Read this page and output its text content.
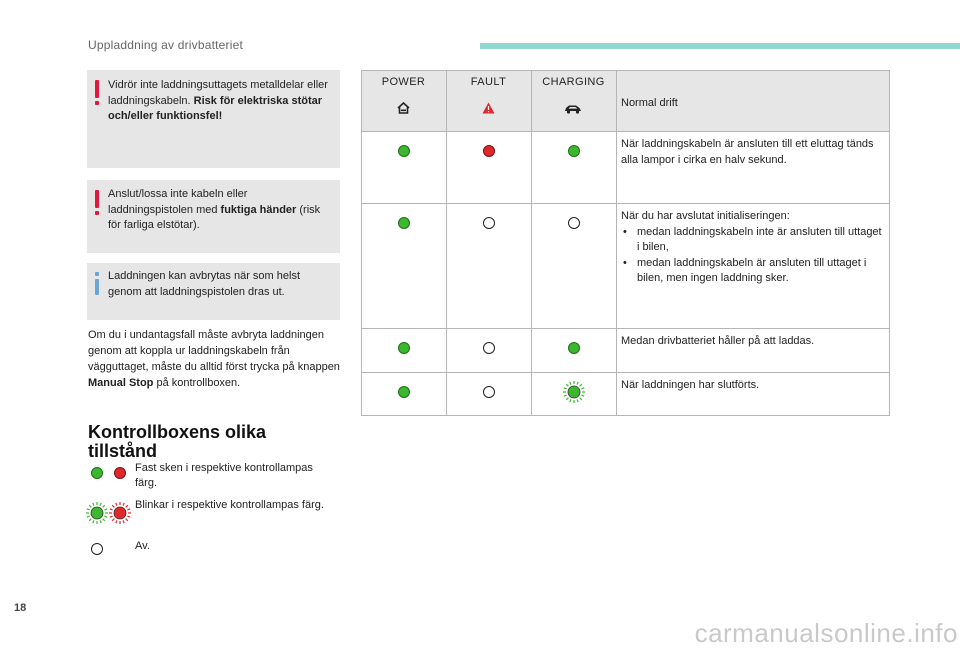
Uppladdning av drivbatteriet
Vidrör inte laddningsuttagets metalldelar eller laddningskabeln. Risk för elektriska stötar och/eller funktionsfel!
Anslut/lossa inte kabeln eller laddningspistolen med fuktiga händer (risk för farliga elstötar).
Laddningen kan avbrytas när som helst genom att laddningspistolen dras ut.
Om du i undantagsfall måste avbryta laddningen genom att koppla ur laddningskabeln från vägguttaget, måste du alltid först trycka på knappen Manual Stop på kontrollboxen.
Kontrollboxens olika
tillstånd
Fast sken i respektive kontrollampas färg.
Blinkar i respektive kontrollampas färg.
Av.
POWER	FAULT	CHARGING
Normal drift
När laddningskabeln är ansluten till ett eluttag tänds alla lampor i cirka en halv sekund.
När du har avslutat initialiseringen:
• medan laddningskabeln inte är ansluten till uttaget i bilen,
• medan laddningskabeln är ansluten till uttaget i bilen, men ingen laddning sker.
Medan drivbatteriet håller på att laddas.
När laddningen har slutförts.
18
carmanualsonline.info
